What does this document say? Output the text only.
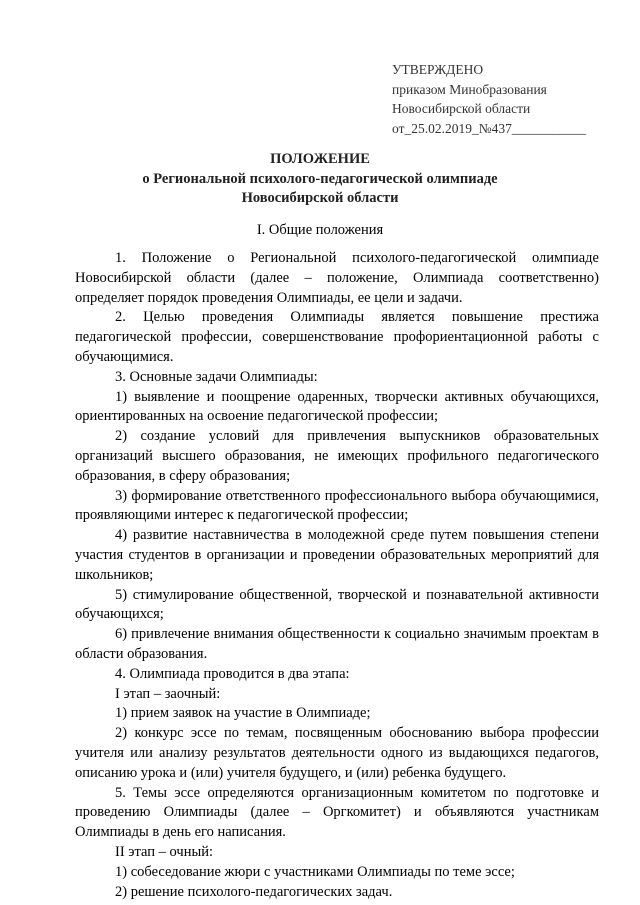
УТВЕРЖДЕНО
приказом Минобразования
Новосибирской области
от_25.02.2019_№437___________
ПОЛОЖЕНИЕ
о Региональной психолого-педагогической олимпиаде
Новосибирской области
I. Общие положения

1. Положение о Региональной психолого-педагогической олимпиаде Новосибирской области (далее – положение, Олимпиада соответственно) определяет порядок проведения Олимпиады, ее цели и задачи.

2. Целью проведения Олимпиады является повышение престижа педагогической профессии, совершенствование профориентационной работы с обучающимися.

3. Основные задачи Олимпиады:

1) выявление и поощрение одаренных, творчески активных обучающихся, ориентированных на освоение педагогической профессии;

2) создание условий для привлечения выпускников образовательных организаций высшего образования, не имеющих профильного педагогического образования, в сферу образования;

3) формирование ответственного профессионального выбора обучающимися, проявляющими интерес к педагогической профессии;

4) развитие наставничества в молодежной среде путем повышения степени участия студентов в организации и проведении образовательных мероприятий для школьников;

5) стимулирование общественной, творческой и познавательной активности обучающихся;

6) привлечение внимания общественности к социально значимым проектам в области образования.

4. Олимпиада проводится в два этапа:

I этап – заочный:

1) прием заявок на участие в Олимпиаде;

2) конкурс эссе по темам, посвященным обоснованию выбора профессии учителя или анализу результатов деятельности одного из выдающихся педагогов, описанию урока и (или) учителя будущего, и (или) ребенка будущего.

5. Темы эссе определяются организационным комитетом по подготовке и проведению Олимпиады (далее – Оргкомитет) и объявляются участникам Олимпиады в день его написания.

II этап – очный:

1) собеседование жюри с участниками Олимпиады по теме эссе;

2) решение психолого-педагогических задач.
